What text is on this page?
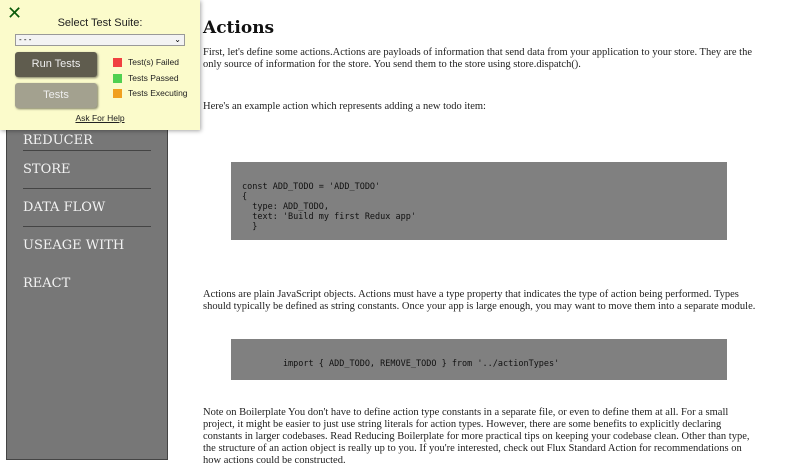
REDUCER
STORE
DATA FLOW
USEAGE WITH
REACT
Actions
First, let's define some actions.Actions are payloads of information that send data from your application to your store. They are the only source of information for the store. You send them to the store using store.dispatch().
Here's an example action which represents adding a new todo item:
const ADD_TODO = 'ADD_TODO'
{
type: ADD_TODO,
text: 'Build my first Redux app'
}
Actions are plain JavaScript objects. Actions must have a type property that indicates the type of action being performed. Types should typically be defined as string constants. Once your app is large enough, you may want to move them into a separate module.
import { ADD_TODO, REMOVE_TODO } from '../actionTypes'
Note on Boilerplate You don't have to define action type constants in a separate file, or even to define them at all. For a small project, it might be easier to just use string literals for action types. However, there are some benefits to explicitly declaring constants in larger codebases. Read Reducing Boilerplate for more practical tips on keeping your codebase clean. Other than type, the structure of an action object is really up to you. If you're interested, check out Flux Standard Action for recommendations on how actions could be constructed.
✕	Select Test Suite:
- - -	⌄
Run Tests
Tests
Test(s) Failed
Tests Passed
Tests Executing
Ask For Help
